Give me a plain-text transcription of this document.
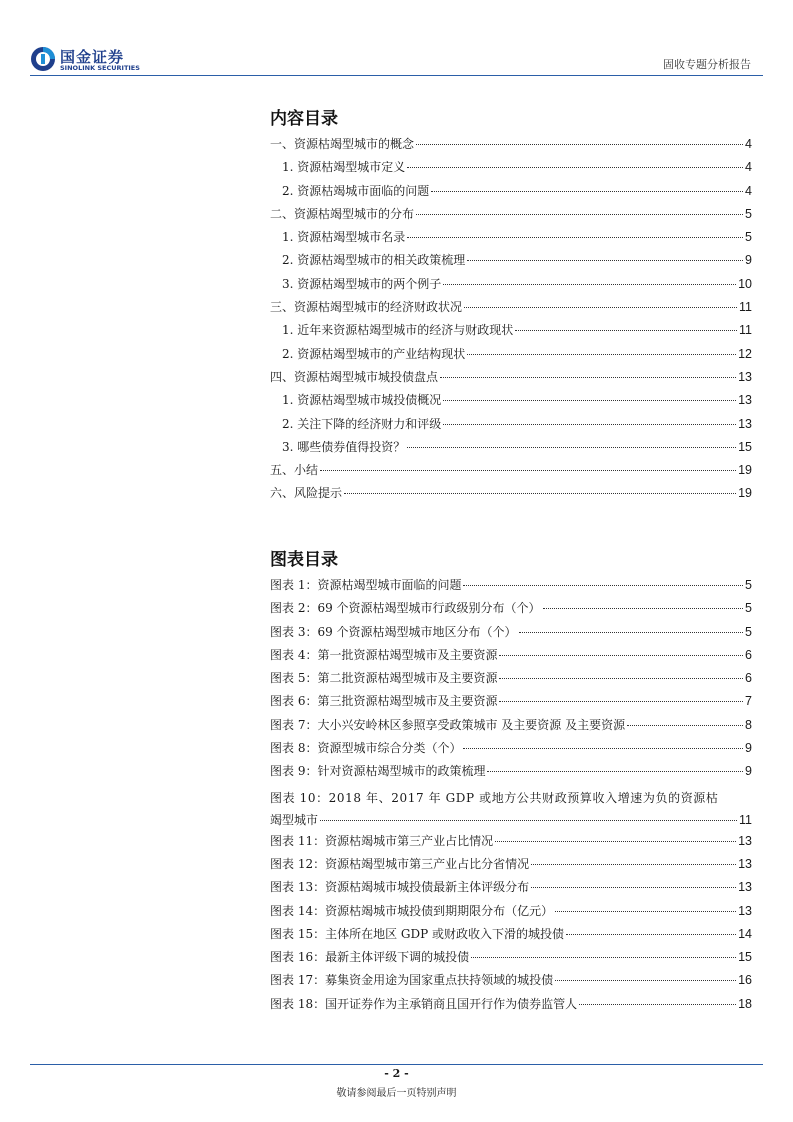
国金证券
SINOLINK SECURITIES	固收专题分析报告
内容目录
一、资源枯竭型城市的概念	4
1. 资源枯竭型城市定义	4
2. 资源枯竭城市面临的问题	4
二、资源枯竭型城市的分布	5
1. 资源枯竭型城市名录	5
2. 资源枯竭型城市的相关政策梳理	9
3. 资源枯竭型城市的两个例子	10
三、资源枯竭型城市的经济财政状况	11
1. 近年来资源枯竭型城市的经济与财政现状	11
2. 资源枯竭型城市的产业结构现状	12
四、资源枯竭型城市城投债盘点	13
1. 资源枯竭型城市城投债概况	13
2. 关注下降的经济财力和评级	13
3. 哪些债券值得投资？	15
五、小结	19
六、风险提示	19
图表目录
图表 1：资源枯竭型城市面临的问题	5
图表 2：69 个资源枯竭型城市行政级别分布（个）	5
图表 3：69 个资源枯竭型城市地区分布（个）	5
图表 4：第一批资源枯竭型城市及主要资源	6
图表 5：第二批资源枯竭型城市及主要资源	6
图表 6：第三批资源枯竭型城市及主要资源	7
图表 7：大小兴安岭林区参照享受政策城市 及主要资源 及主要资源	8
图表 8：资源型城市综合分类（个）	9
图表 9：针对资源枯竭型城市的政策梳理	9
图表 10：2018 年、2017 年 GDP 或地方公共财政预算收入增速为负的资源枯
竭型城市	11
图表 11：资源枯竭城市第三产业占比情况	13
图表 12：资源枯竭型城市第三产业占比分省情况	13
图表 13：资源枯竭城市城投债最新主体评级分布	13
图表 14：资源枯竭城市城投债到期期限分布（亿元）	13
图表 15：主体所在地区 GDP 或财政收入下滑的城投债	14
图表 16：最新主体评级下调的城投债	15
图表 17：募集资金用途为国家重点扶持领域的城投债	16
图表 18：国开证券作为主承销商且国开行作为债券监管人	18
- 2 -
敬请参阅最后一页特别声明
